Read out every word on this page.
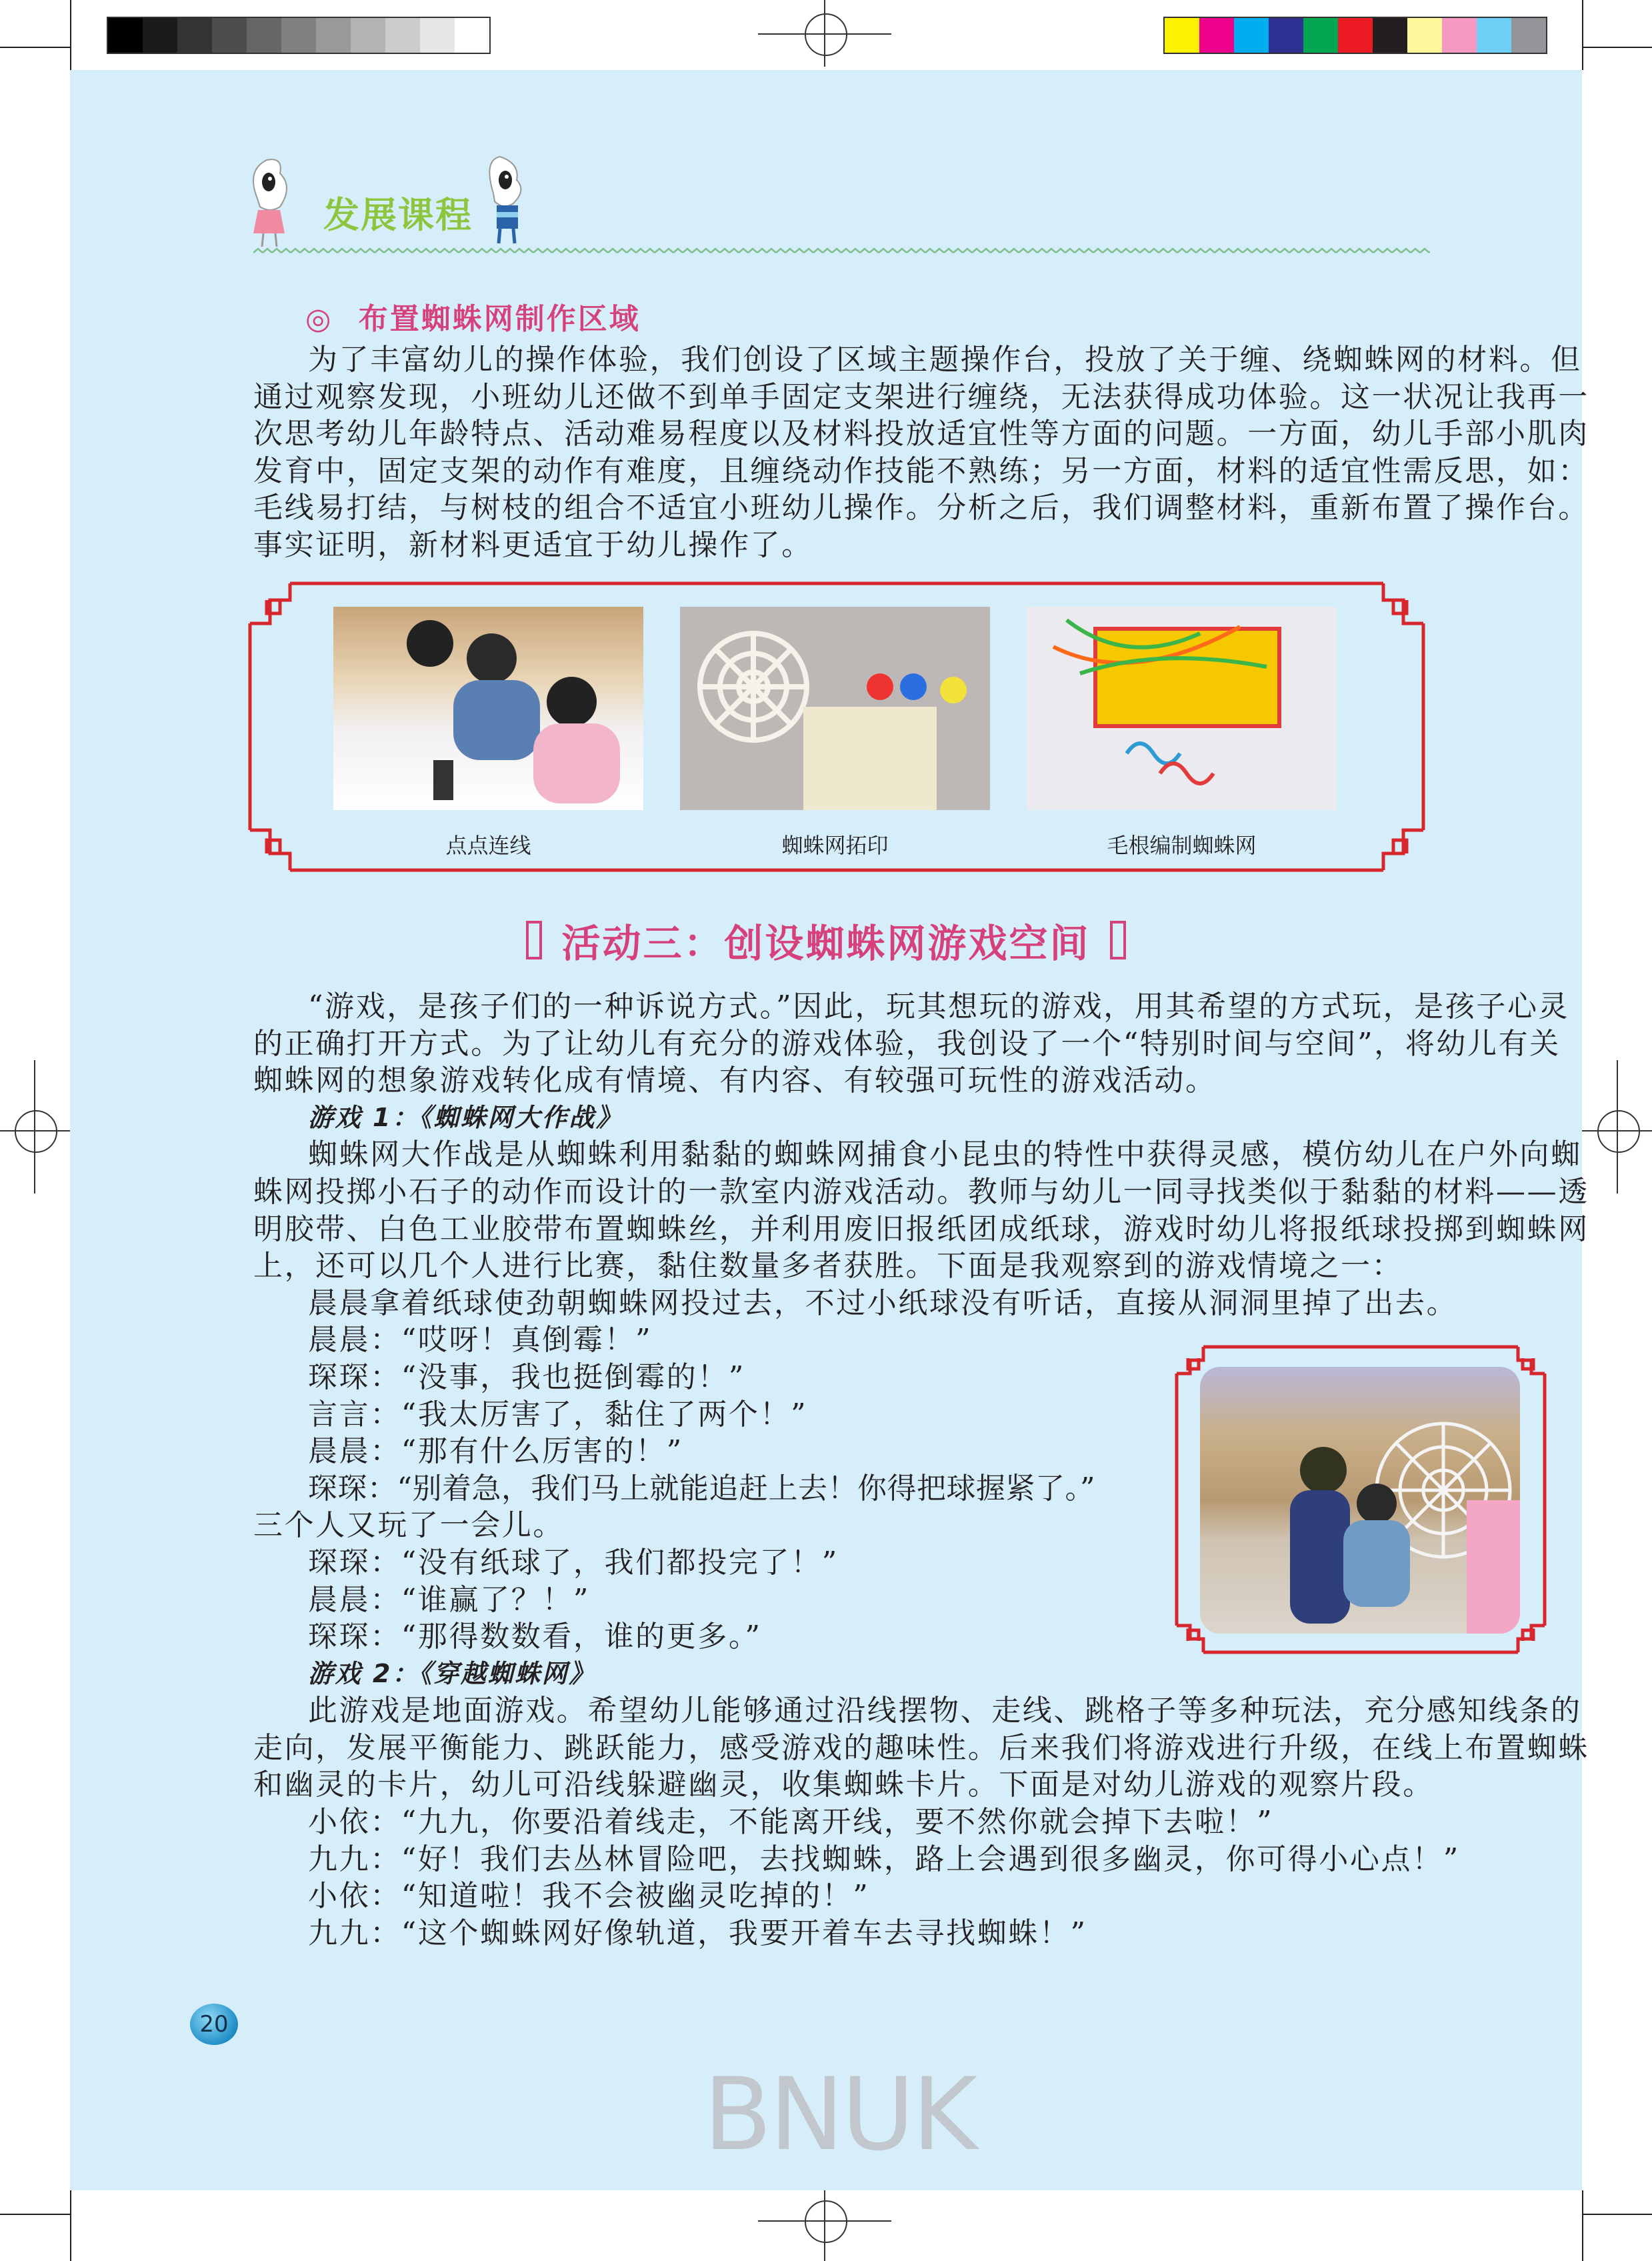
发展课程
◎ 布置蜘蛛网制作区域
为了丰富幼儿的操作体验，我们创设了区域主题操作台，投放了关于缠、绕蜘蛛网的材料。但
通过观察发现，小班幼儿还做不到单手固定支架进行缠绕，无法获得成功体验。这一状况让我再一
次思考幼儿年龄特点、活动难易程度以及材料投放适宜性等方面的问题。一方面，幼儿手部小肌肉
发育中，固定支架的动作有难度，且缠绕动作技能不熟练；另一方面，材料的适宜性需反思，如：
毛线易打结，与树枝的组合不适宜小班幼儿操作。分析之后，我们调整材料，重新布置了操作台。
事实证明，新材料更适宜于幼儿操作了。
点点连线	蜘蛛网拓印	毛根编制蜘蛛网
活动三：创设蜘蛛网游戏空间
“游戏，是孩子们的一种诉说方式。”因此，玩其想玩的游戏，用其希望的方式玩，是孩子心灵
的正确打开方式。为了让幼儿有充分的游戏体验，我创设了一个“特别时间与空间”，将幼儿有关
蜘蛛网的想象游戏转化成有情境、有内容、有较强可玩性的游戏活动。
游戏 1：《蜘蛛网大作战》
蜘蛛网大作战是从蜘蛛利用黏黏的蜘蛛网捕食小昆虫的特性中获得灵感，模仿幼儿在户外向蜘
蛛网投掷小石子的动作而设计的一款室内游戏活动。教师与幼儿一同寻找类似于黏黏的材料——透
明胶带、白色工业胶带布置蜘蛛丝，并利用废旧报纸团成纸球，游戏时幼儿将报纸球投掷到蜘蛛网
上，还可以几个人进行比赛，黏住数量多者获胜。下面是我观察到的游戏情境之一：
晨晨拿着纸球使劲朝蜘蛛网投过去，不过小纸球没有听话，直接从洞洞里掉了出去。
晨晨：“哎呀！真倒霉！”
琛琛：“没事，我也挺倒霉的！”
言言：“我太厉害了，黏住了两个！”
晨晨：“那有什么厉害的！”
琛琛：“别着急，我们马上就能追赶上去！你得把球握紧了。”
三个人又玩了一会儿。
琛琛：“没有纸球了，我们都投完了！”
晨晨：“谁赢了？！”
琛琛：“那得数数看，谁的更多。”
游戏 2：《穿越蜘蛛网》
此游戏是地面游戏。希望幼儿能够通过沿线摆物、走线、跳格子等多种玩法，充分感知线条的
走向，发展平衡能力、跳跃能力，感受游戏的趣味性。后来我们将游戏进行升级，在线上布置蜘蛛
和幽灵的卡片，幼儿可沿线躲避幽灵，收集蜘蛛卡片。下面是对幼儿游戏的观察片段。
小依：“九九，你要沿着线走，不能离开线，要不然你就会掉下去啦！”
九九：“好！我们去丛林冒险吧，去找蜘蛛，路上会遇到很多幽灵，你可得小心点！”
小依：“知道啦！我不会被幽灵吃掉的！”
九九：“这个蜘蛛网好像轨道，我要开着车去寻找蜘蛛！”
20
BNUK
